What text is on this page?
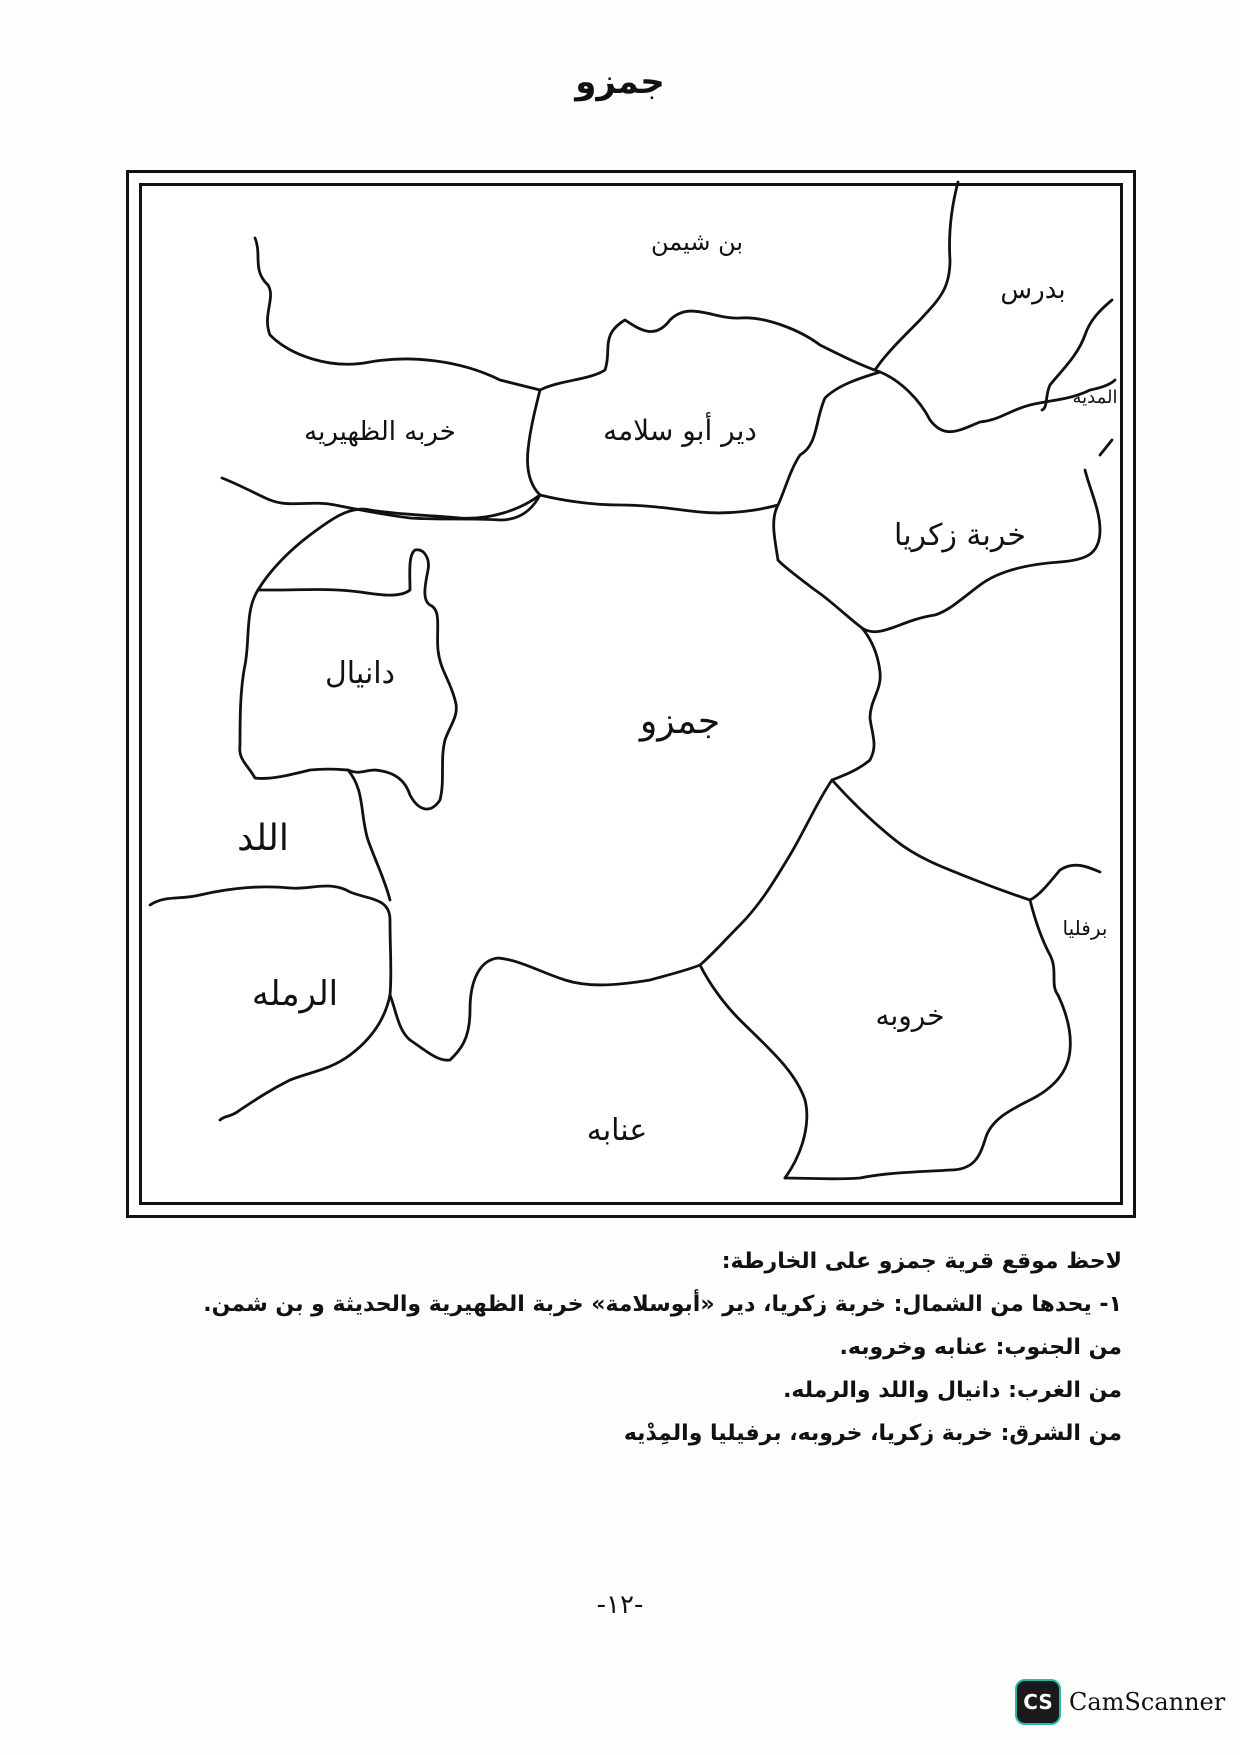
جمزو
بن شيمن
بدرس
المديه
خربه الظهيريه	دير أبو سلامه
خربة زكريا
دانيال
جمزو
اللد
برفليا
الرمله
خروبه
عنابه

لاحظ موقع قرية جمزو على الخارطة:

١- يحدها من الشمال: خربة زكريا، دير «أبوسلامة» خربة الظهيرية والحديثة و بن شمن.

من الجنوب: عنابه وخروبه.

من الغرب: دانيال واللد والرمله.

من الشرق: خربة زكريا، خروبه، برفيليا والمِدْيه

-١٢-
CS CamScanner
